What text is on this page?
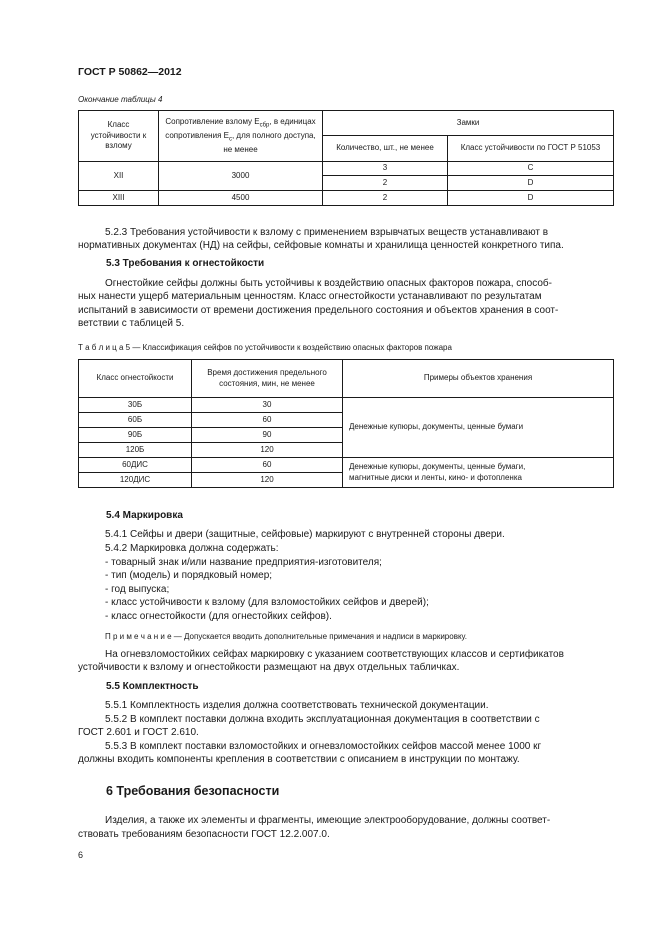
ГОСТ Р 50862—2012
Окончание таблицы 4
Класс устойчивости к взлому	Сопротивление взлому $E_{сбр}$, в единицах сопротивления $E_с$, для полного доступа, не менее	Замки	
		Количество, шт., не менее	Класс устойчивости по ГОСТ Р 51053
XII	3000	3	C
		2	D
XIII	4500	2	D
5.2.3 Требования устойчивости к взлому с применением взрывчатых веществ устанавливают в
нормативных документах (НД) на сейфы, сейфовые комнаты и хранилища ценностей конкретного типа.
5.3 Требования к огнестойкости
Огнестойкие сейфы должны быть устойчивы к воздействию опасных факторов пожара, способ-
ных нанести ущерб материальным ценностям. Класс огнестойкости устанавливают по результатам
испытаний в зависимости от времени достижения предельного состояния и объектов хранения в соот-
ветствии с таблицей 5.
Т а б л и ц а 5 — Классификация сейфов по устойчивости к воздействию опасных факторов пожара
Класс огнестойкости	Время достижения предельного состояния, мин, не менее	Примеры объектов хранения
30Б	30	Денежные купюры, документы, ценные бумаги
60Б	60	
90Б	90	
120Б	120	
60ДИС	60	Денежные купюры, документы, ценные бумаги,
магнитные диски и ленты, кино- и фотопленка

120ДИС	120	
5.4 Маркировка
5.4.1 Сейфы и двери (защитные, сейфовые) маркируют с внутренней стороны двери.
5.4.2 Маркировка должна содержать:
- товарный знак и/или название предприятия-изготовителя;
- тип (модель) и порядковый номер;
- год выпуска;
- класс устойчивости к взлому (для взломостойких сейфов и дверей);
- класс огнестойкости (для огнестойких сейфов).
П р и м е ч а н и е — Допускается вводить дополнительные примечания и надписи в маркировку.
На огневзломостойких сейфах маркировку с указанием соответствующих классов и сертификатов
устойчивости к взлому и огнестойкости размещают на двух отдельных табличках.
5.5 Комплектность
5.5.1 Комплектность изделия должна соответствовать технической документации.
5.5.2 В комплект поставки должна входить эксплуатационная документация в соответствии с
ГОСТ 2.601 и ГОСТ 2.610.
5.5.3 В комплект поставки взломостойких и огневзломостойких сейфов массой менее 1000 кг
должны входить компоненты крепления в соответствии с описанием в инструкции по монтажу.
6 Требования безопасности
Изделия, а также их элементы и фрагменты, имеющие электрооборудование, должны соответ-
ствовать требованиям безопасности ГОСТ 12.2.007.0.
6
